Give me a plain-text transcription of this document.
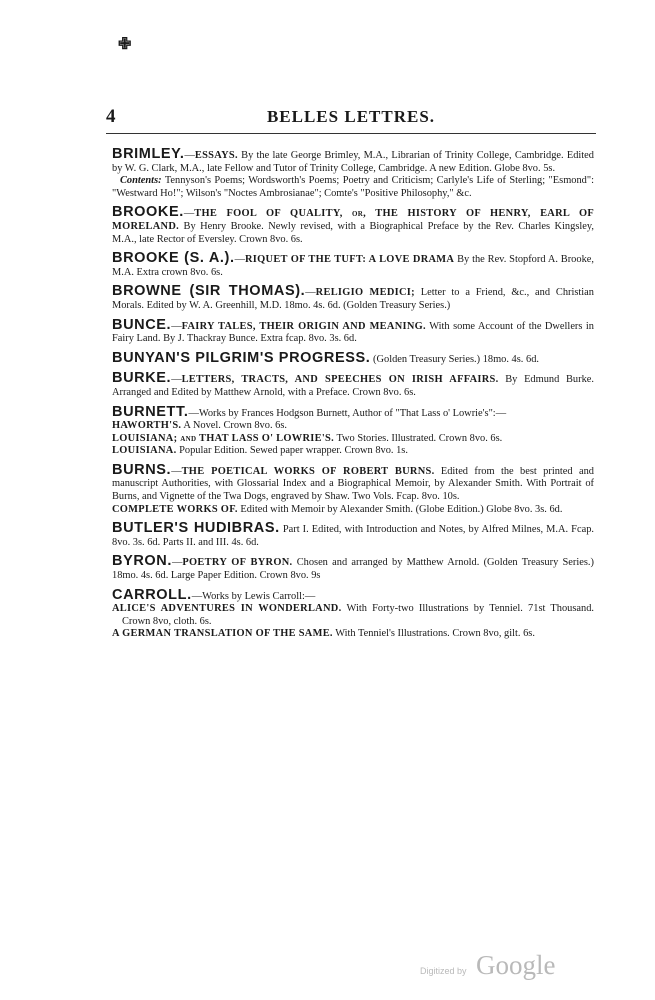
✙
4	BELLES LETTRES.

BRIMLEY.—ESSAYS. By the late George Brimley, M.A., Librarian of Trinity College, Cambridge. Edited by W. G. Clark, M.A., late Fellow and Tutor of Trinity College, Cambridge. A new Edition. Globe 8vo. 5s.

Contents: Tennyson's Poems; Wordsworth's Poems; Poetry and Criticism; Carlyle's Life of Sterling; "Esmond": "Westward Ho!"; Wilson's "Noctes Ambrosianae"; Comte's "Positive Philosophy," &c.

BROOKE.—THE FOOL OF QUALITY, or, THE HISTORY OF HENRY, EARL OF MORELAND. By Henry Brooke. Newly revised, with a Biographical Preface by the Rev. Charles Kingsley, M.A., late Rector of Eversley. Crown 8vo. 6s.

BROOKE (S. A.).—RIQUET OF THE TUFT: A LOVE DRAMA By the Rev. Stopford A. Brooke, M.A. Extra crown 8vo. 6s.

BROWNE (SIR THOMAS).—RELIGIO MEDICI; Letter to a Friend, &c., and Christian Morals. Edited by W. A. Greenhill, M.D. 18mo. 4s. 6d. (Golden Treasury Series.)

BUNCE.—FAIRY TALES, THEIR ORIGIN AND MEANING. With some Account of the Dwellers in Fairy Land. By J. Thackray Bunce. Extra fcap. 8vo. 3s. 6d.

BUNYAN'S PILGRIM'S PROGRESS. (Golden Treasury Series.) 18mo. 4s. 6d.

BURKE.—LETTERS, TRACTS, AND SPEECHES ON IRISH AFFAIRS. By Edmund Burke. Arranged and Edited by Matthew Arnold, with a Preface. Crown 8vo. 6s.

BURNETT.—Works by Frances Hodgson Burnett, Author of "That Lass o' Lowrie's":—

HAWORTH'S. A Novel. Crown 8vo. 6s.

LOUISIANA; and THAT LASS O' LOWRIE'S. Two Stories. Illustrated. Crown 8vo. 6s.

LOUISIANA. Popular Edition. Sewed paper wrapper. Crown 8vo. 1s.

BURNS.—THE POETICAL WORKS OF ROBERT BURNS. Edited from the best printed and manuscript Authorities, with Glossarial Index and a Biographical Memoir, by Alexander Smith. With Portrait of Burns, and Vignette of the Twa Dogs, engraved by Shaw. Two Vols. Fcap. 8vo. 10s.

COMPLETE WORKS OF. Edited with Memoir by Alexander Smith. (Globe Edition.) Globe 8vo. 3s. 6d.

BUTLER'S HUDIBRAS. Part I. Edited, with Introduction and Notes, by Alfred Milnes, M.A. Fcap. 8vo. 3s. 6d. Parts II. and III. 4s. 6d.

BYRON.—POETRY OF BYRON. Chosen and arranged by Matthew Arnold. (Golden Treasury Series.) 18mo. 4s. 6d. Large Paper Edition. Crown 8vo. 9s

CARROLL.—Works by Lewis Carroll:—

ALICE'S ADVENTURES IN WONDERLAND. With Forty-two Illustrations by Tenniel. 71st Thousand. Crown 8vo, cloth. 6s.

A GERMAN TRANSLATION OF THE SAME. With Tenniel's Illustrations. Crown 8vo, gilt. 6s.

Digitized by Google
